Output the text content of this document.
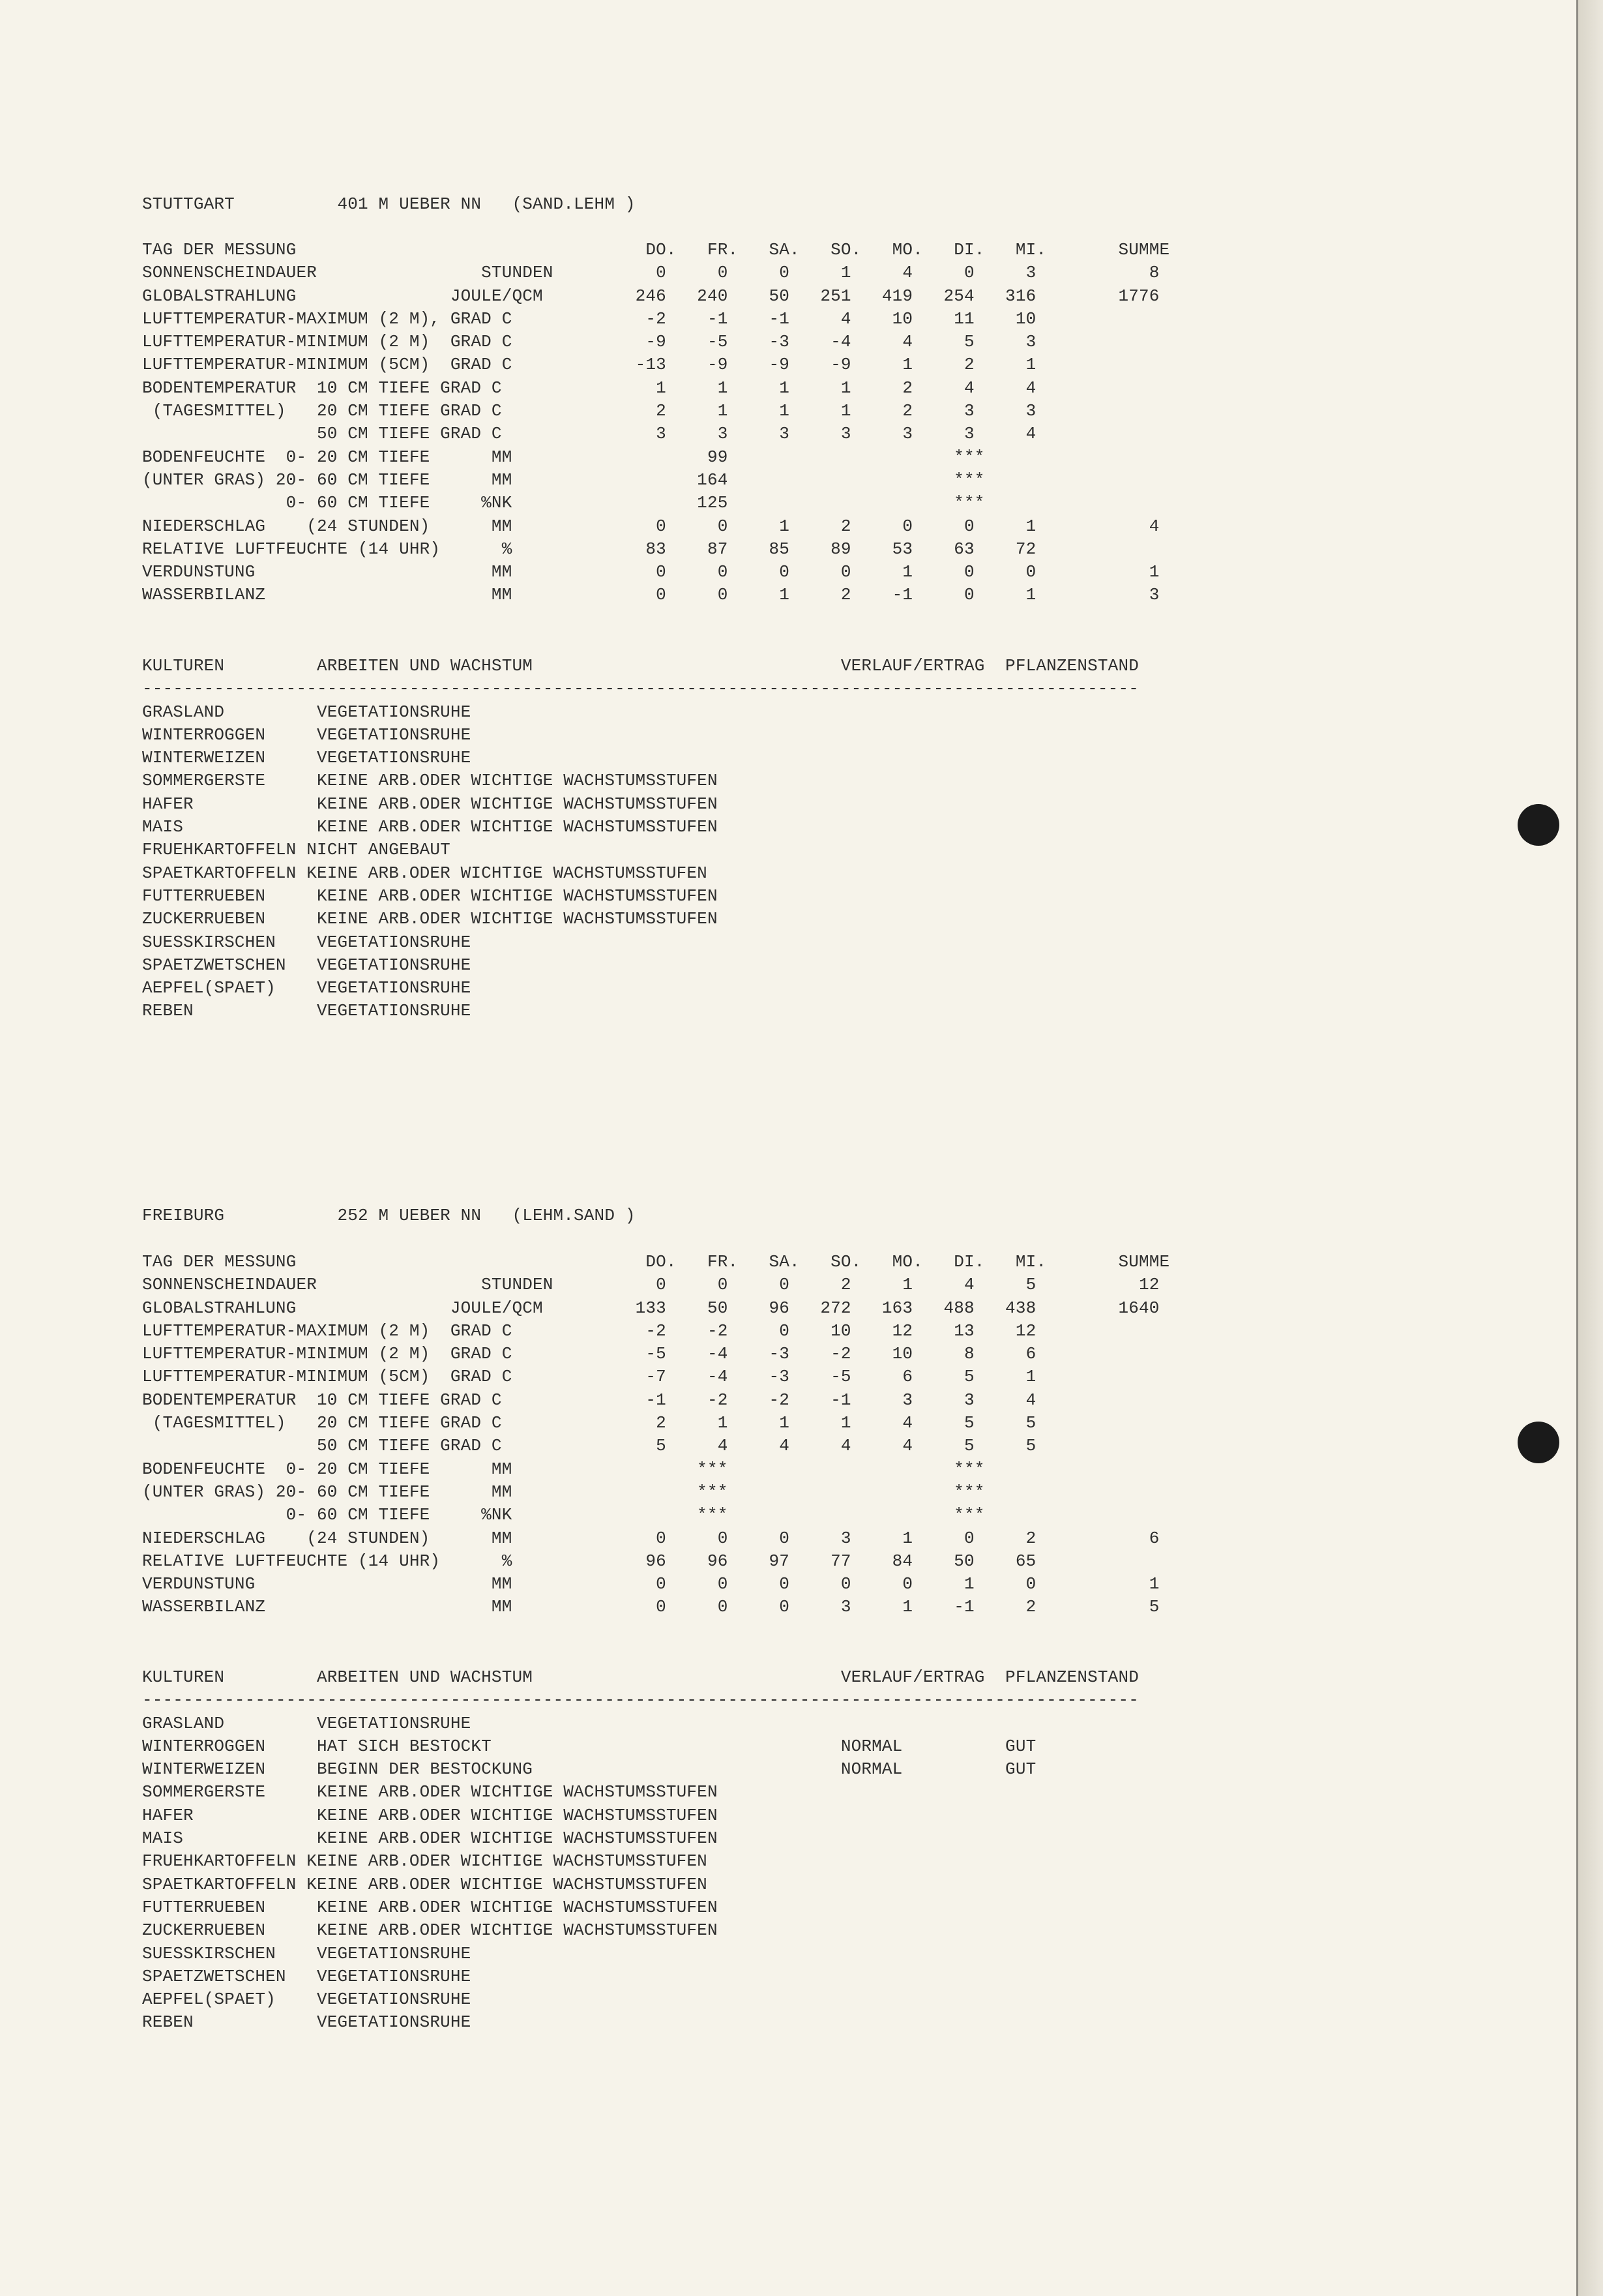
STUTTGART          401 M UEBER NN   (SAND.LEHM )
TAG DER MESSUNG                                  DO.   FR.   SA.   SO.   MO.   DI.   MI.       SUMME
SONNENSCHEINDAUER                STUNDEN          0     0     0     1     4     0     3           8
GLOBALSTRAHLUNG               JOULE/QCM         246   240    50   251   419   254   316        1776
LUFTTEMPERATUR-MAXIMUM (2 M), GRAD C             -2    -1    -1     4    10    11    10
LUFTTEMPERATUR-MINIMUM (2 M)  GRAD C             -9    -5    -3    -4     4     5     3
LUFTTEMPERATUR-MINIMUM (5CM)  GRAD C            -13    -9    -9    -9     1     2     1
BODENTEMPERATUR  10 CM TIEFE GRAD C               1     1     1     1     2     4     4
(TAGESMITTEL)   20 CM TIEFE GRAD C               2     1     1     1     2     3     3
50 CM TIEFE GRAD C               3     3     3     3     3     3     4
BODENFEUCHTE  0- 20 CM TIEFE      MM                   99                      ***
(UNTER GRAS) 20- 60 CM TIEFE      MM                  164                      ***
0- 60 CM TIEFE     %NK                  125                      ***
NIEDERSCHLAG    (24 STUNDEN)      MM              0     0     1     2     0     0     1           4
RELATIVE LUFTFEUCHTE (14 UHR)      %             83    87    85    89    53    63    72
VERDUNSTUNG                       MM              0     0     0     0     1     0     0           1
WASSERBILANZ                      MM              0     0     1     2    -1     0     1           3
KULTUREN         ARBEITEN UND WACHSTUM                              VERLAUF/ERTRAG  PFLANZENSTAND
-------------------------------------------------------------------------------------------------
GRASLAND         VEGETATIONSRUHE
WINTERROGGEN     VEGETATIONSRUHE
WINTERWEIZEN     VEGETATIONSRUHE
SOMMERGERSTE     KEINE ARB.ODER WICHTIGE WACHSTUMSSTUFEN
HAFER            KEINE ARB.ODER WICHTIGE WACHSTUMSSTUFEN
MAIS             KEINE ARB.ODER WICHTIGE WACHSTUMSSTUFEN
FRUEHKARTOFFELN NICHT ANGEBAUT
SPAETKARTOFFELN KEINE ARB.ODER WICHTIGE WACHSTUMSSTUFEN
FUTTERRUEBEN     KEINE ARB.ODER WICHTIGE WACHSTUMSSTUFEN
ZUCKERRUEBEN     KEINE ARB.ODER WICHTIGE WACHSTUMSSTUFEN
SUESSKIRSCHEN    VEGETATIONSRUHE
SPAETZWETSCHEN   VEGETATIONSRUHE
AEPFEL(SPAET)    VEGETATIONSRUHE
REBEN            VEGETATIONSRUHE
FREIBURG           252 M UEBER NN   (LEHM.SAND )
TAG DER MESSUNG                                  DO.   FR.   SA.   SO.   MO.   DI.   MI.       SUMME
SONNENSCHEINDAUER                STUNDEN          0     0     0     2     1     4     5          12
GLOBALSTRAHLUNG               JOULE/QCM         133    50    96   272   163   488   438        1640
LUFTTEMPERATUR-MAXIMUM (2 M)  GRAD C             -2    -2     0    10    12    13    12
LUFTTEMPERATUR-MINIMUM (2 M)  GRAD C             -5    -4    -3    -2    10     8     6
LUFTTEMPERATUR-MINIMUM (5CM)  GRAD C             -7    -4    -3    -5     6     5     1
BODENTEMPERATUR  10 CM TIEFE GRAD C              -1    -2    -2    -1     3     3     4
(TAGESMITTEL)   20 CM TIEFE GRAD C               2     1     1     1     4     5     5
50 CM TIEFE GRAD C               5     4     4     4     4     5     5
BODENFEUCHTE  0- 20 CM TIEFE      MM                  ***                      ***
(UNTER GRAS) 20- 60 CM TIEFE      MM                  ***                      ***
0- 60 CM TIEFE     %NK                  ***                      ***
NIEDERSCHLAG    (24 STUNDEN)      MM              0     0     0     3     1     0     2           6
RELATIVE LUFTFEUCHTE (14 UHR)      %             96    96    97    77    84    50    65
VERDUNSTUNG                       MM              0     0     0     0     0     1     0           1
WASSERBILANZ                      MM              0     0     0     3     1    -1     2           5
KULTUREN         ARBEITEN UND WACHSTUM                              VERLAUF/ERTRAG  PFLANZENSTAND
-------------------------------------------------------------------------------------------------
GRASLAND         VEGETATIONSRUHE
WINTERROGGEN     HAT SICH BESTOCKT                                  NORMAL          GUT
WINTERWEIZEN     BEGINN DER BESTOCKUNG                              NORMAL          GUT
SOMMERGERSTE     KEINE ARB.ODER WICHTIGE WACHSTUMSSTUFEN
HAFER            KEINE ARB.ODER WICHTIGE WACHSTUMSSTUFEN
MAIS             KEINE ARB.ODER WICHTIGE WACHSTUMSSTUFEN
FRUEHKARTOFFELN KEINE ARB.ODER WICHTIGE WACHSTUMSSTUFEN
SPAETKARTOFFELN KEINE ARB.ODER WICHTIGE WACHSTUMSSTUFEN
FUTTERRUEBEN     KEINE ARB.ODER WICHTIGE WACHSTUMSSTUFEN
ZUCKERRUEBEN     KEINE ARB.ODER WICHTIGE WACHSTUMSSTUFEN
SUESSKIRSCHEN    VEGETATIONSRUHE
SPAETZWETSCHEN   VEGETATIONSRUHE
AEPFEL(SPAET)    VEGETATIONSRUHE
REBEN            VEGETATIONSRUHE
